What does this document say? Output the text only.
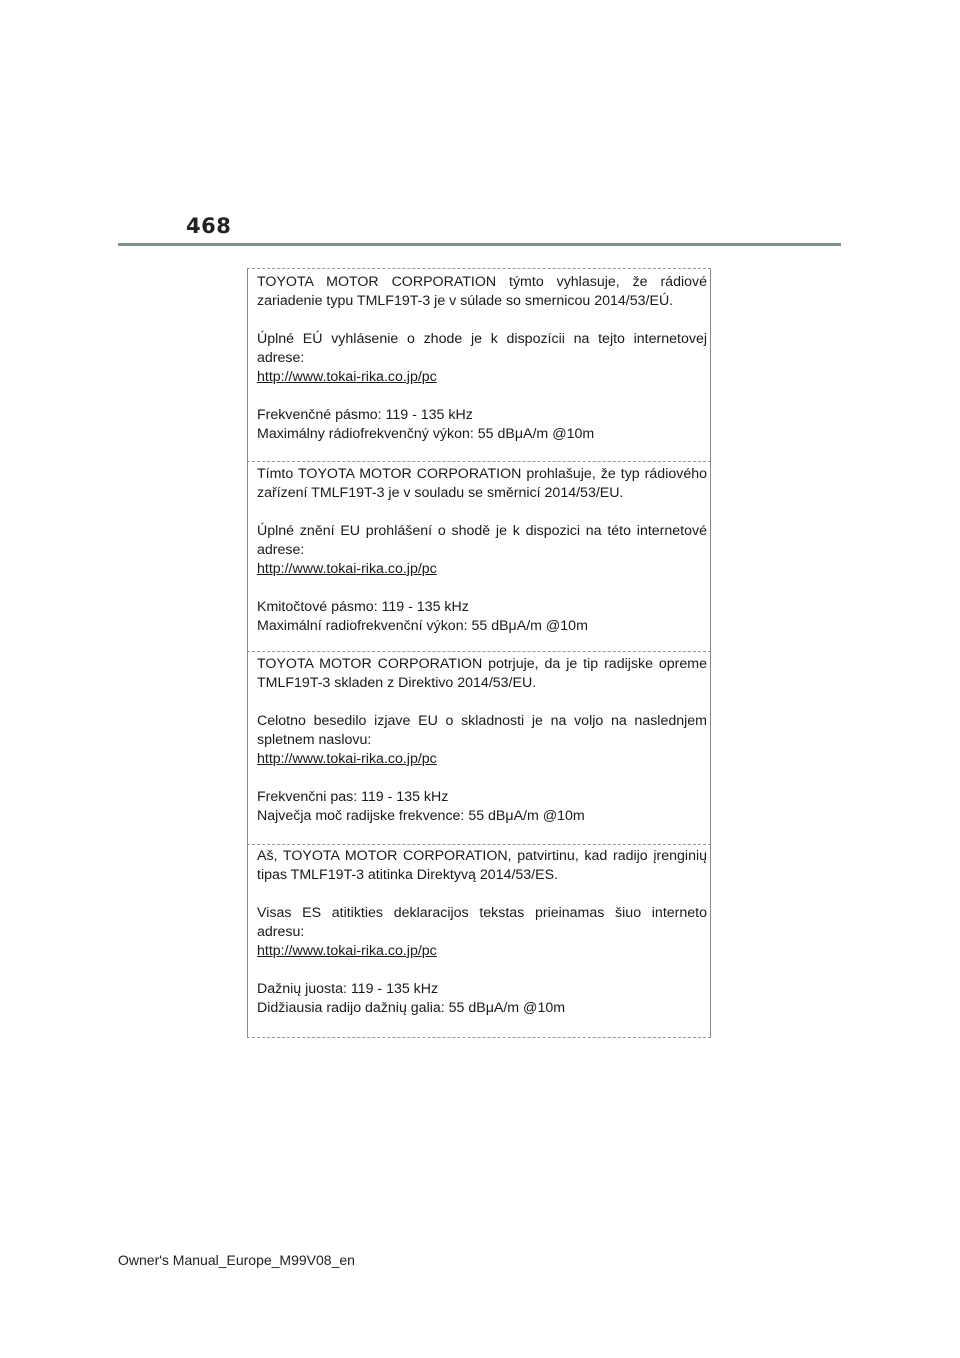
468

TOYOTA MOTOR CORPORATION týmto vyhlasuje, že rádiové zariadenie typu TMLF19T-3 je v súlade so smernicou 2014/53/EÚ.

Úplné EÚ vyhlásenie o zhode je k dispozícii na tejto internetovej adrese:

http://www.tokai-rika.co.jp/pc

Frekvenčné pásmo: 119 - 135 kHz

Maximálny rádiofrekvenčný výkon: 55 dBμA/m @10m

Tímto TOYOTA MOTOR CORPORATION prohlašuje, že typ rádiového zařízení TMLF19T-3 je v souladu se směrnicí 2014/53/EU.

Úplné znění EU prohlášení o shodě je k dispozici na této internetové adrese:

http://www.tokai-rika.co.jp/pc

Kmitočtové pásmo: 119 - 135 kHz

Maximální radiofrekvenční výkon: 55 dBμA/m @10m

TOYOTA MOTOR CORPORATION potrjuje, da je tip radijske opreme TMLF19T-3 skladen z Direktivo 2014/53/EU.

Celotno besedilo izjave EU o skladnosti je na voljo na naslednjem spletnem naslovu:

http://www.tokai-rika.co.jp/pc

Frekvenčni pas: 119 - 135 kHz

Največja moč radijske frekvence: 55 dBμA/m @10m

Aš, TOYOTA MOTOR CORPORATION, patvirtinu, kad radijo įrenginių tipas TMLF19T-3 atitinka Direktyvą 2014/53/ES.

Visas ES atitikties deklaracijos tekstas prieinamas šiuo interneto adresu:

http://www.tokai-rika.co.jp/pc

Dažnių juosta: 119 - 135 kHz

Didžiausia radijo dažnių galia: 55 dBμA/m @10m

Owner's Manual_Europe_M99V08_en
